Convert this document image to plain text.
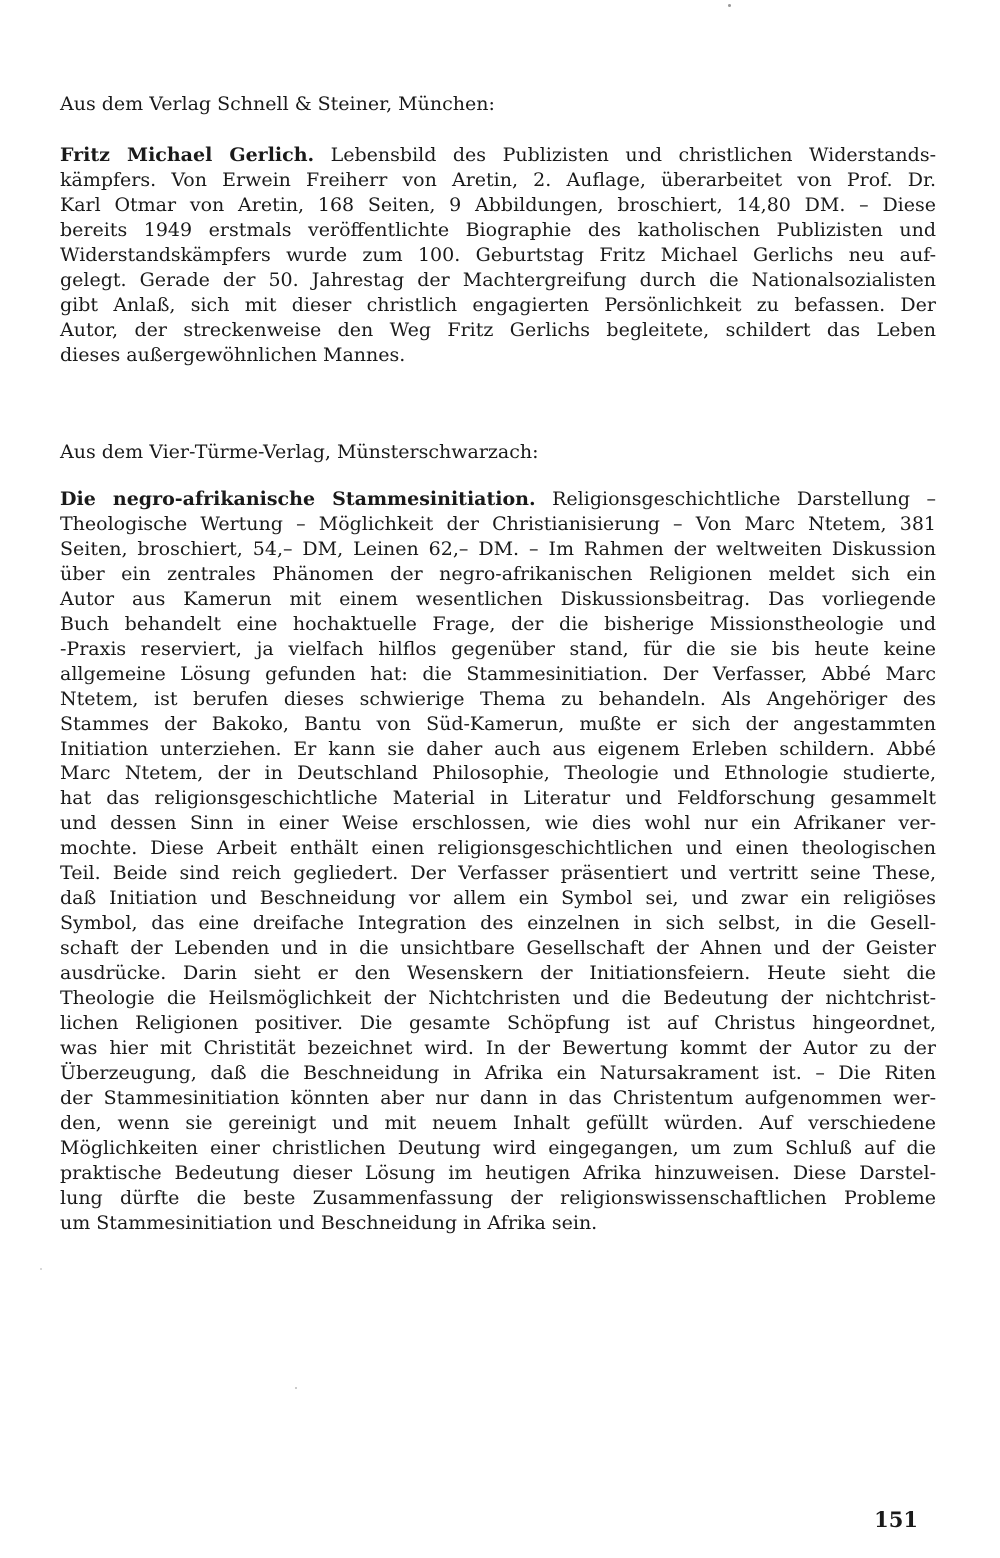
Aus dem Verlag Schnell & Steiner, München:

Fritz Michael Gerlich. Lebensbild des Publizisten und christlichen Widerstands-
kämpfers. Von Erwein Freiherr von Aretin, 2. Auflage, überarbeitet von Prof. Dr.
Karl Otmar von Aretin, 168 Seiten, 9 Abbildungen, broschiert, 14,80 DM. – Diese
bereits 1949 erstmals veröffentlichte Biographie des katholischen Publizisten und
Widerstandskämpfers wurde zum 100. Geburtstag Fritz Michael Gerlichs neu auf-
gelegt. Gerade der 50. Jahrestag der Machtergreifung durch die Nationalsozialisten
gibt Anlaß, sich mit dieser christlich engagierten Persönlichkeit zu befassen. Der
Autor, der streckenweise den Weg Fritz Gerlichs begleitete, schildert das Leben
dieses außergewöhnlichen Mannes.

Aus dem Vier-Türme-Verlag, Münsterschwarzach:

Die negro-afrikanische Stammesinitiation. Religionsgeschichtliche Darstellung –
Theologische Wertung – Möglichkeit der Christianisierung – Von Marc Ntetem, 381
Seiten, broschiert, 54,– DM, Leinen 62,– DM. – Im Rahmen der weltweiten Diskussion
über ein zentrales Phänomen der negro-afrikanischen Religionen meldet sich ein
Autor aus Kamerun mit einem wesentlichen Diskussionsbeitrag. Das vorliegende
Buch behandelt eine hochaktuelle Frage, der die bisherige Missionstheologie und
-Praxis reserviert, ja vielfach hilflos gegenüber stand, für die sie bis heute keine
allgemeine Lösung gefunden hat: die Stammesinitiation. Der Verfasser, Abbé Marc
Ntetem, ist berufen dieses schwierige Thema zu behandeln. Als Angehöriger des
Stammes der Bakoko, Bantu von Süd-Kamerun, mußte er sich der angestammten
Initiation unterziehen. Er kann sie daher auch aus eigenem Erleben schildern. Abbé
Marc Ntetem, der in Deutschland Philosophie, Theologie und Ethnologie studierte,
hat das religionsgeschichtliche Material in Literatur und Feldforschung gesammelt
und dessen Sinn in einer Weise erschlossen, wie dies wohl nur ein Afrikaner ver-
mochte. Diese Arbeit enthält einen religionsgeschichtlichen und einen theologischen
Teil. Beide sind reich gegliedert. Der Verfasser präsentiert und vertritt seine These,
daß Initiation und Beschneidung vor allem ein Symbol sei, und zwar ein religiöses
Symbol, das eine dreifache Integration des einzelnen in sich selbst, in die Gesell-
schaft der Lebenden und in die unsichtbare Gesellschaft der Ahnen und der Geister
ausdrücke. Darin sieht er den Wesenskern der Initiationsfeiern. Heute sieht die
Theologie die Heilsmöglichkeit der Nichtchristen und die Bedeutung der nichtchrist-
lichen Religionen positiver. Die gesamte Schöpfung ist auf Christus hingeordnet,
was hier mit Christität bezeichnet wird. In der Bewertung kommt der Autor zu der
Überzeugung, daß die Beschneidung in Afrika ein Natursakrament ist. – Die Riten
der Stammesinitiation könnten aber nur dann in das Christentum aufgenommen wer-
den, wenn sie gereinigt und mit neuem Inhalt gefüllt würden. Auf verschiedene
Möglichkeiten einer christlichen Deutung wird eingegangen, um zum Schluß auf die
praktische Bedeutung dieser Lösung im heutigen Afrika hinzuweisen. Diese Darstel-
lung dürfte die beste Zusammenfassung der religionswissenschaftlichen Probleme
um Stammesinitiation und Beschneidung in Afrika sein.
151
